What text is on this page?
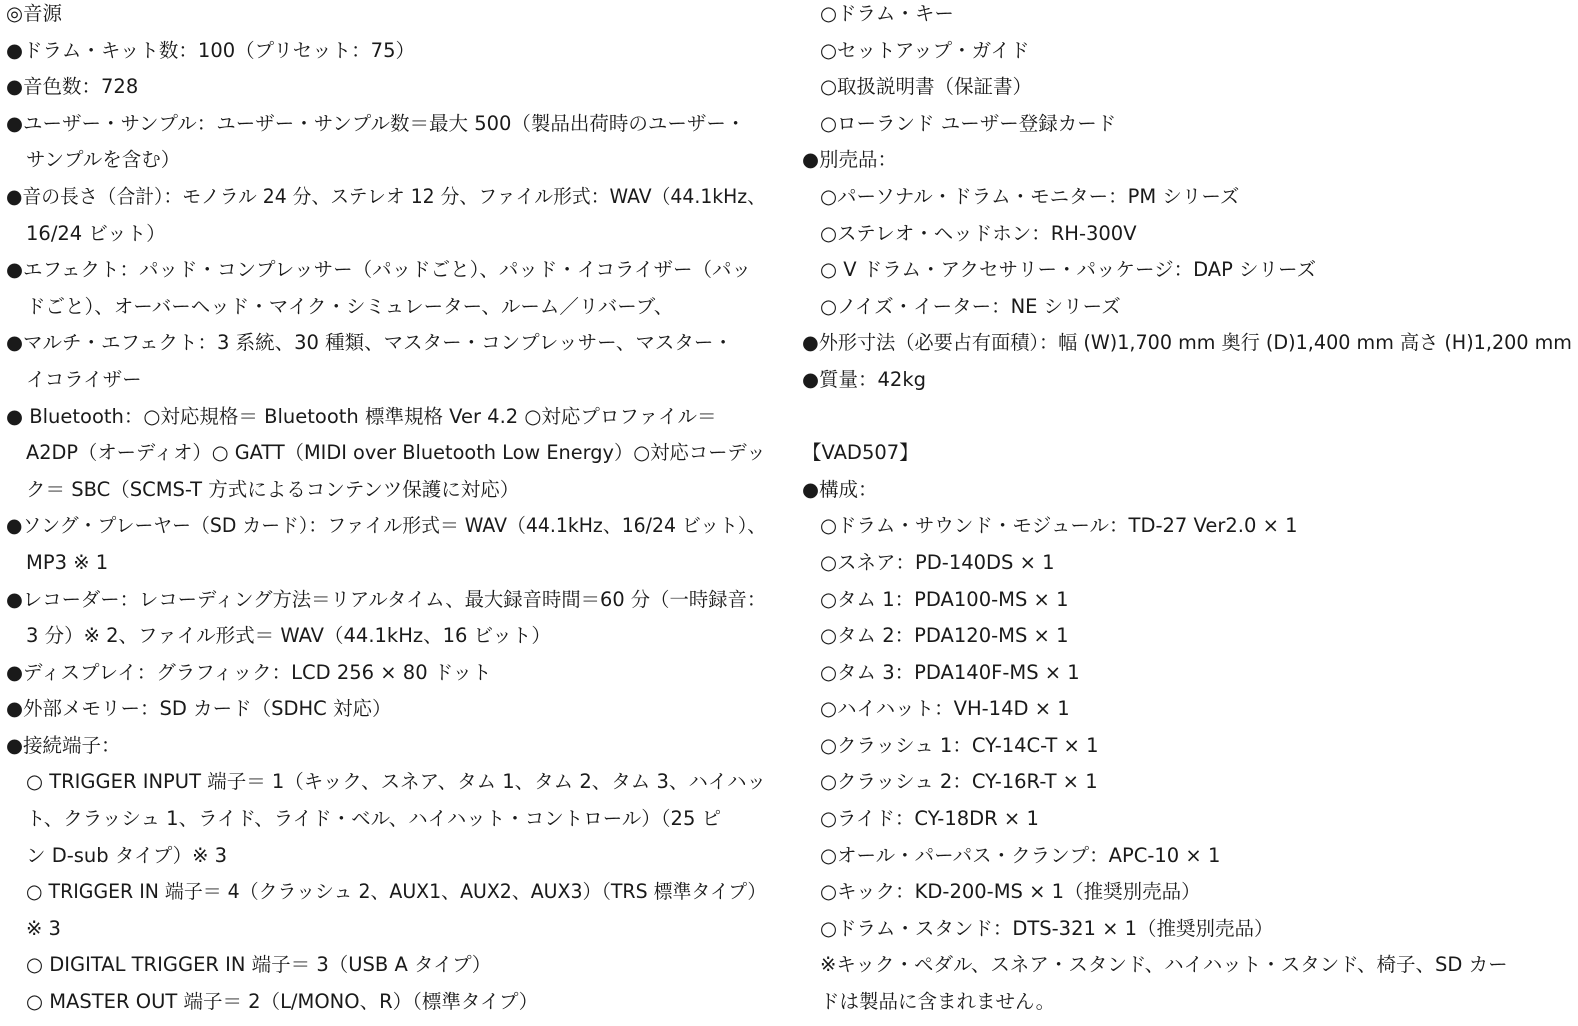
◎音源
●ドラム・キット数：100（プリセット：75）
●音色数：728
●ユーザー・サンプル：ユーザー・サンプル数＝最大 500（製品出荷時のユーザー・
サンプルを含む）
●音の長さ（合計）：モノラル 24 分、ステレオ 12 分、ファイル形式：WAV（44.1kHz、
16/24 ビット）
●エフェクト：パッド・コンプレッサー（パッドごと）、パッド・イコライザー（パッ
ドごと）、オーバーヘッド・マイク・シミュレーター、ルーム／リバーブ、
●マルチ・エフェクト：3 系統、30 種類、マスター・コンプレッサー、マスター・
イコライザー
● Bluetooth：○対応規格＝ Bluetooth 標準規格 Ver 4.2 ○対応プロファイル＝
A2DP（オーディオ）○ GATT（MIDI over Bluetooth Low Energy）○対応コーデッ
ク＝ SBC（SCMS-T 方式によるコンテンツ保護に対応）
●ソング・プレーヤー（SD カード）：ファイル形式＝ WAV（44.1kHz、16/24 ビット）、
MP3 ※ 1
●レコーダー：レコーディング方法＝リアルタイム、最大録音時間＝60 分（一時録音：
3 分）※ 2、ファイル形式＝ WAV（44.1kHz、16 ビット）
●ディスプレイ：グラフィック：LCD 256 × 80 ドット
●外部メモリー：SD カード（SDHC 対応）
●接続端子：
○ TRIGGER INPUT 端子＝ 1（キック、スネア、タム 1、タム 2、タム 3、ハイハッ
ト、クラッシュ 1、ライド、ライド・ベル、ハイハット・コントロール）（25 ピ
ン D-sub タイプ）※ 3
○ TRIGGER IN 端子＝ 4（クラッシュ 2、AUX1、AUX2、AUX3）（TRS 標準タイプ）
※ 3
○ DIGITAL TRIGGER IN 端子＝ 3（USB A タイプ）
○ MASTER OUT 端子＝ 2（L/MONO、R）（標準タイプ）
○ドラム・キー
○セットアップ・ガイド
○取扱説明書（保証書）
○ローランド ユーザー登録カード
●別売品：
○パーソナル・ドラム・モニター：PM シリーズ
○ステレオ・ヘッドホン：RH-300V
○ V ドラム・アクセサリー・パッケージ：DAP シリーズ
○ノイズ・イーター：NE シリーズ
●外形寸法（必要占有面積）：幅 (W)1,700 mm 奥行 (D)1,400 mm 高さ (H)1,200 mm
●質量：42kg
【VAD507】
●構成：
○ドラム・サウンド・モジュール：TD-27 Ver2.0 × 1
○スネア：PD-140DS × 1
○タム 1：PDA100-MS × 1
○タム 2：PDA120-MS × 1
○タム 3：PDA140F-MS × 1
○ハイハット：VH-14D × 1
○クラッシュ 1：CY-14C-T × 1
○クラッシュ 2：CY-16R-T × 1
○ライド：CY-18DR × 1
○オール・パーパス・クランプ：APC-10 × 1
○キック：KD-200-MS × 1（推奨別売品）
○ドラム・スタンド：DTS-321 × 1（推奨別売品）
※キック・ペダル、スネア・スタンド、ハイハット・スタンド、椅子、SD カー
ドは製品に含まれません。
